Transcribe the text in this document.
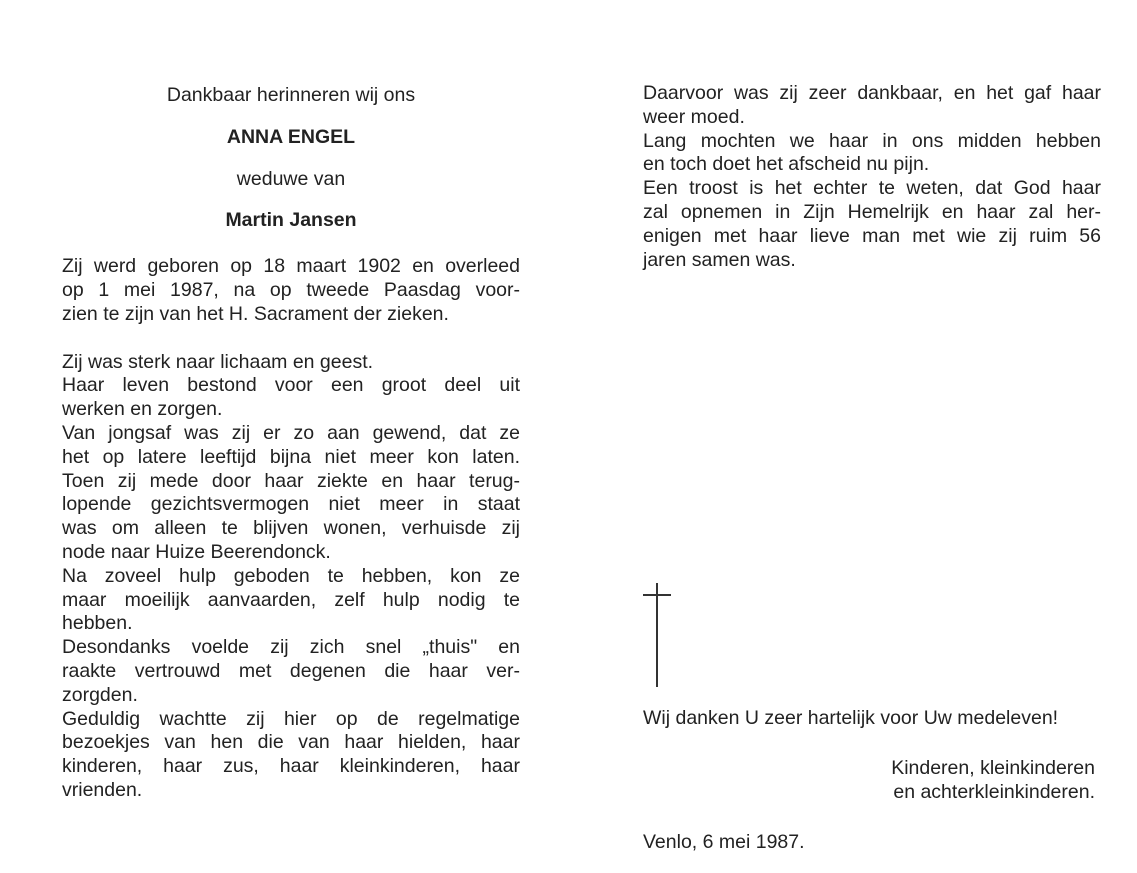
Dankbaar herinneren wij ons
ANNA ENGEL
weduwe van
Martin Jansen
Zij werd geboren op 18 maart 1902 en overleed
op 1 mei 1987, na op tweede Paasdag voor-
zien te zijn van het H. Sacrament der zieken.
Zij was sterk naar lichaam en geest.
Haar leven bestond voor een groot deel uit
werken en zorgen.
Van jongsaf was zij er zo aan gewend, dat ze
het op latere leeftijd bijna niet meer kon laten.
Toen zij mede door haar ziekte en haar terug-
lopende gezichtsvermogen niet meer in staat
was om alleen te blijven wonen, verhuisde zij
node naar Huize Beerendonck.
Na zoveel hulp geboden te hebben, kon ze
maar moeilijk aanvaarden, zelf hulp nodig te
hebben.
Desondanks voelde zij zich snel „thuis" en
raakte vertrouwd met degenen die haar ver-
zorgden.
Geduldig wachtte zij hier op de regelmatige
bezoekjes van hen die van haar hielden, haar
kinderen, haar zus, haar kleinkinderen, haar
vrienden.
Daarvoor was zij zeer dankbaar, en het gaf haar
weer moed.
Lang mochten we haar in ons midden hebben
en toch doet het afscheid nu pijn.
Een troost is het echter te weten, dat God haar
zal opnemen in Zijn Hemelrijk en haar zal her-
enigen met haar lieve man met wie zij ruim 56
jaren samen was.
Wij danken U zeer hartelijk voor Uw medeleven!
Kinderen, kleinkinderen
en achterkleinkinderen.
Venlo, 6 mei 1987.
